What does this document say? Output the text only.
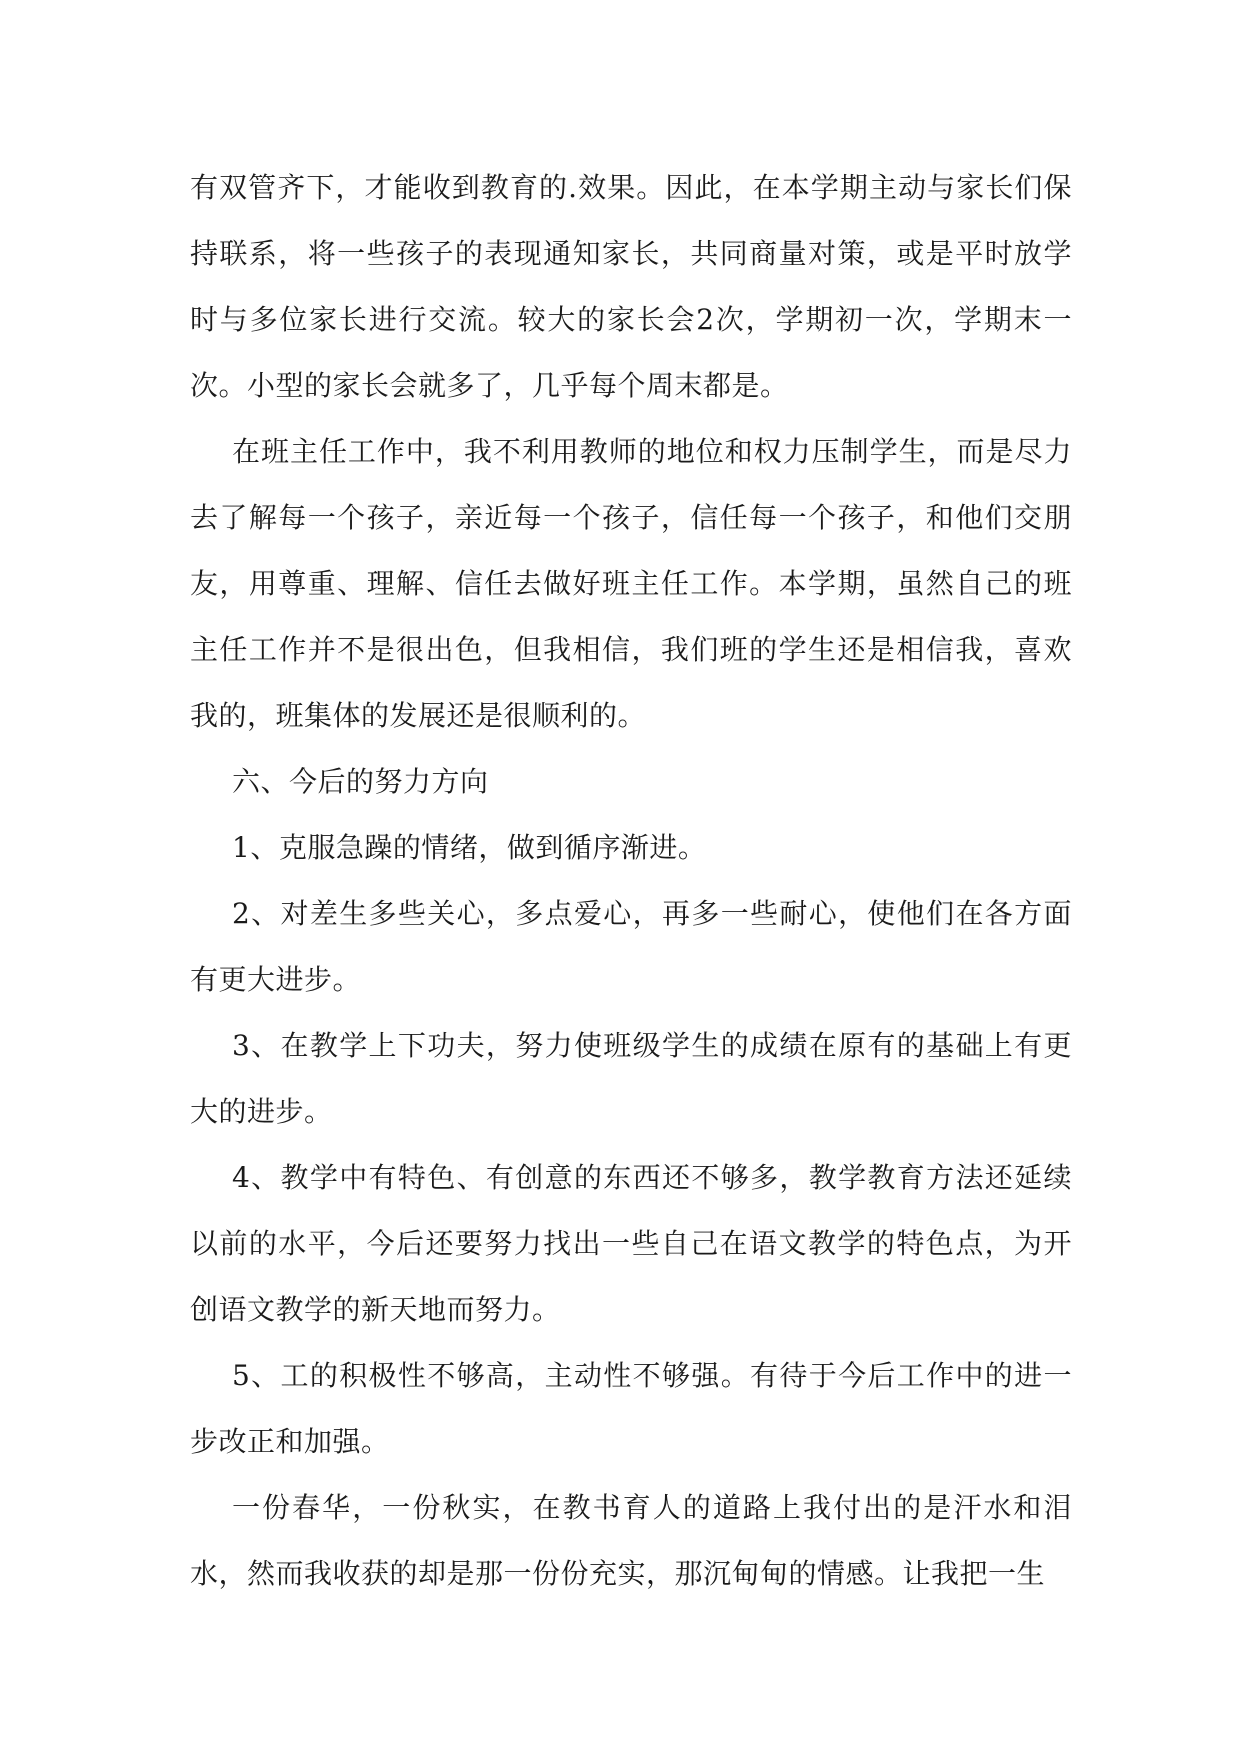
有双管齐下，才能收到教育的.效果。因此，在本学期主动与家长们保持联系，将一些孩子的表现通知家长，共同商量对策，或是平时放学时与多位家长进行交流。较大的家长会2次，学期初一次，学期末一次。小型的家长会就多了，几乎每个周末都是。

在班主任工作中，我不利用教师的地位和权力压制学生，而是尽力去了解每一个孩子，亲近每一个孩子，信任每一个孩子，和他们交朋友，用尊重、理解、信任去做好班主任工作。本学期，虽然自己的班主任工作并不是很出色，但我相信，我们班的学生还是相信我，喜欢我的，班集体的发展还是很顺利的。

六、今后的努力方向

1、克服急躁的情绪，做到循序渐进。

2、对差生多些关心，多点爱心，再多一些耐心，使他们在各方面有更大进步。

3、在教学上下功夫，努力使班级学生的成绩在原有的基础上有更大的进步。

4、教学中有特色、有创意的东西还不够多，教学教育方法还延续以前的水平，今后还要努力找出一些自己在语文教学的特色点，为开创语文教学的新天地而努力。

5、工的积极性不够高，主动性不够强。有待于今后工作中的进一步改正和加强。

一份春华，一份秋实，在教书育人的道路上我付出的是汗水和泪水，然而我收获的却是那一份份充实，那沉甸甸的情感。让我把一生
